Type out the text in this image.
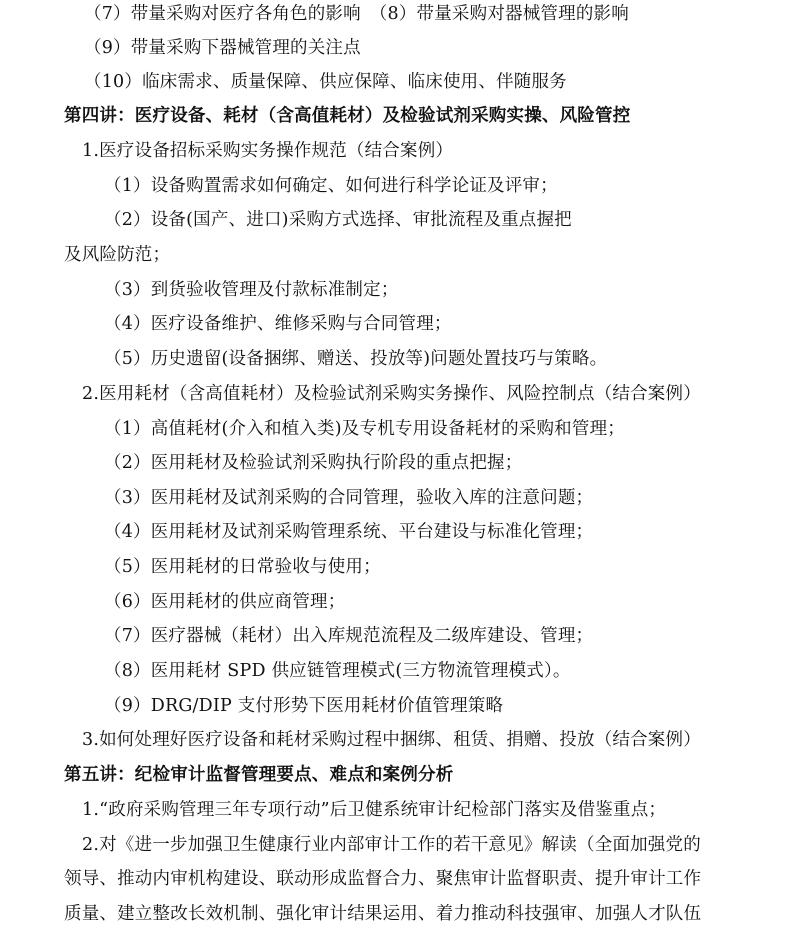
（7）带量采购对医疗各角色的影响　（8）带量采购对器械管理的影响
（9）带量采购下器械管理的关注点
（10）临床需求、质量保障、供应保障、临床使用、伴随服务
第四讲：医疗设备、耗材（含高值耗材）及检验试剂采购实操、风险管控
1.医疗设备招标采购实务操作规范（结合案例）
（1）设备购置需求如何确定、如何进行科学论证及评审；
（2）设备(国产、进口)采购方式选择、审批流程及重点握把
及风险防范；
（3）到货验收管理及付款标准制定；
（4）医疗设备维护、维修采购与合同管理；
（5）历史遗留(设备捆绑、赠送、投放等)问题处置技巧与策略。
2.医用耗材（含高值耗材）及检验试剂采购实务操作、风险控制点（结合案例）
（1）高值耗材(介入和植入类)及专机专用设备耗材的采购和管理；
（2）医用耗材及检验试剂采购执行阶段的重点把握；
（3）医用耗材及试剂采购的合同管理，验收入库的注意问题；
（4）医用耗材及试剂采购管理系统、平台建设与标准化管理；
（5）医用耗材的日常验收与使用；
（6）医用耗材的供应商管理；
（7）医疗器械（耗材）出入库规范流程及二级库建设、管理；
（8）医用耗材 SPD 供应链管理模式(三方物流管理模式）。
（9）DRG/DIP 支付形势下医用耗材价值管理策略
3.如何处理好医疗设备和耗材采购过程中捆绑、租赁、捐赠、投放（结合案例）
第五讲：纪检审计监督管理要点、难点和案例分析
1.“政府采购管理三年专项行动”后卫健系统审计纪检部门落实及借鉴重点；
2.对《进一步加强卫生健康行业内部审计工作的若干意见》解读（全面加强党的
领导、推动内审机构建设、联动形成监督合力、聚焦审计监督职责、提升审计工作
质量、建立整改长效机制、强化审计结果运用、着力推动科技强审、加强人才队伍
